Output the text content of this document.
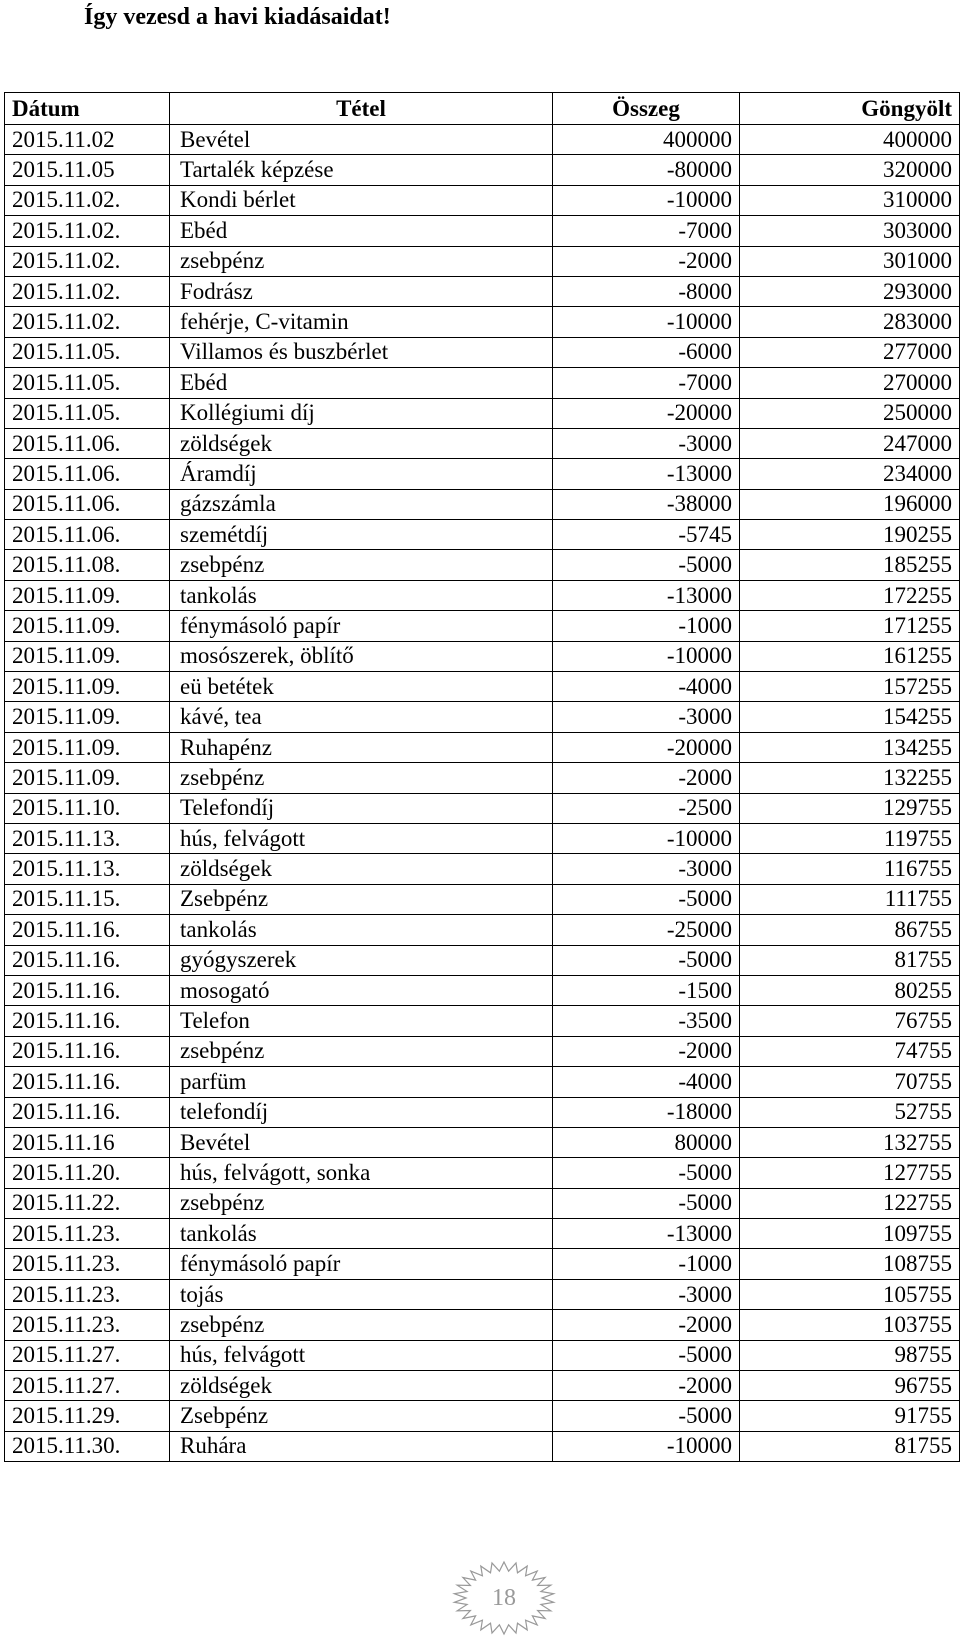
Így vezesd a havi kiadásaidat!
Dátum	Tétel	Összeg	Göngyölt
2015.11.02	Bevétel	400000	400000
2015.11.05	Tartalék képzése	-80000	320000
2015.11.02.	Kondi bérlet	-10000	310000
2015.11.02.	Ebéd	-7000	303000
2015.11.02.	zsebpénz	-2000	301000
2015.11.02.	Fodrász	-8000	293000
2015.11.02.	fehérje, C-vitamin	-10000	283000
2015.11.05.	Villamos és buszbérlet	-6000	277000
2015.11.05.	Ebéd	-7000	270000
2015.11.05.	Kollégiumi díj	-20000	250000
2015.11.06.	zöldségek	-3000	247000
2015.11.06.	Áramdíj	-13000	234000
2015.11.06.	gázszámla	-38000	196000
2015.11.06.	szemétdíj	-5745	190255
2015.11.08.	zsebpénz	-5000	185255
2015.11.09.	tankolás	-13000	172255
2015.11.09.	fénymásoló papír	-1000	171255
2015.11.09.	mosószerek, öblítő	-10000	161255
2015.11.09.	eü betétek	-4000	157255
2015.11.09.	kávé, tea	-3000	154255
2015.11.09.	Ruhapénz	-20000	134255
2015.11.09.	zsebpénz	-2000	132255
2015.11.10.	Telefondíj	-2500	129755
2015.11.13.	hús, felvágott	-10000	119755
2015.11.13.	zöldségek	-3000	116755
2015.11.15.	Zsebpénz	-5000	111755
2015.11.16.	tankolás	-25000	86755
2015.11.16.	gyógyszerek	-5000	81755
2015.11.16.	mosogató	-1500	80255
2015.11.16.	Telefon	-3500	76755
2015.11.16.	zsebpénz	-2000	74755
2015.11.16.	parfüm	-4000	70755
2015.11.16.	telefondíj	-18000	52755
2015.11.16	Bevétel	80000	132755
2015.11.20.	hús, felvágott, sonka	-5000	127755
2015.11.22.	zsebpénz	-5000	122755
2015.11.23.	tankolás	-13000	109755
2015.11.23.	fénymásoló papír	-1000	108755
2015.11.23.	tojás	-3000	105755
2015.11.23.	zsebpénz	-2000	103755
2015.11.27.	hús, felvágott	-5000	98755
2015.11.27.	zöldségek	-2000	96755
2015.11.29.	Zsebpénz	-5000	91755
2015.11.30.	Ruhára	-10000	81755
18
